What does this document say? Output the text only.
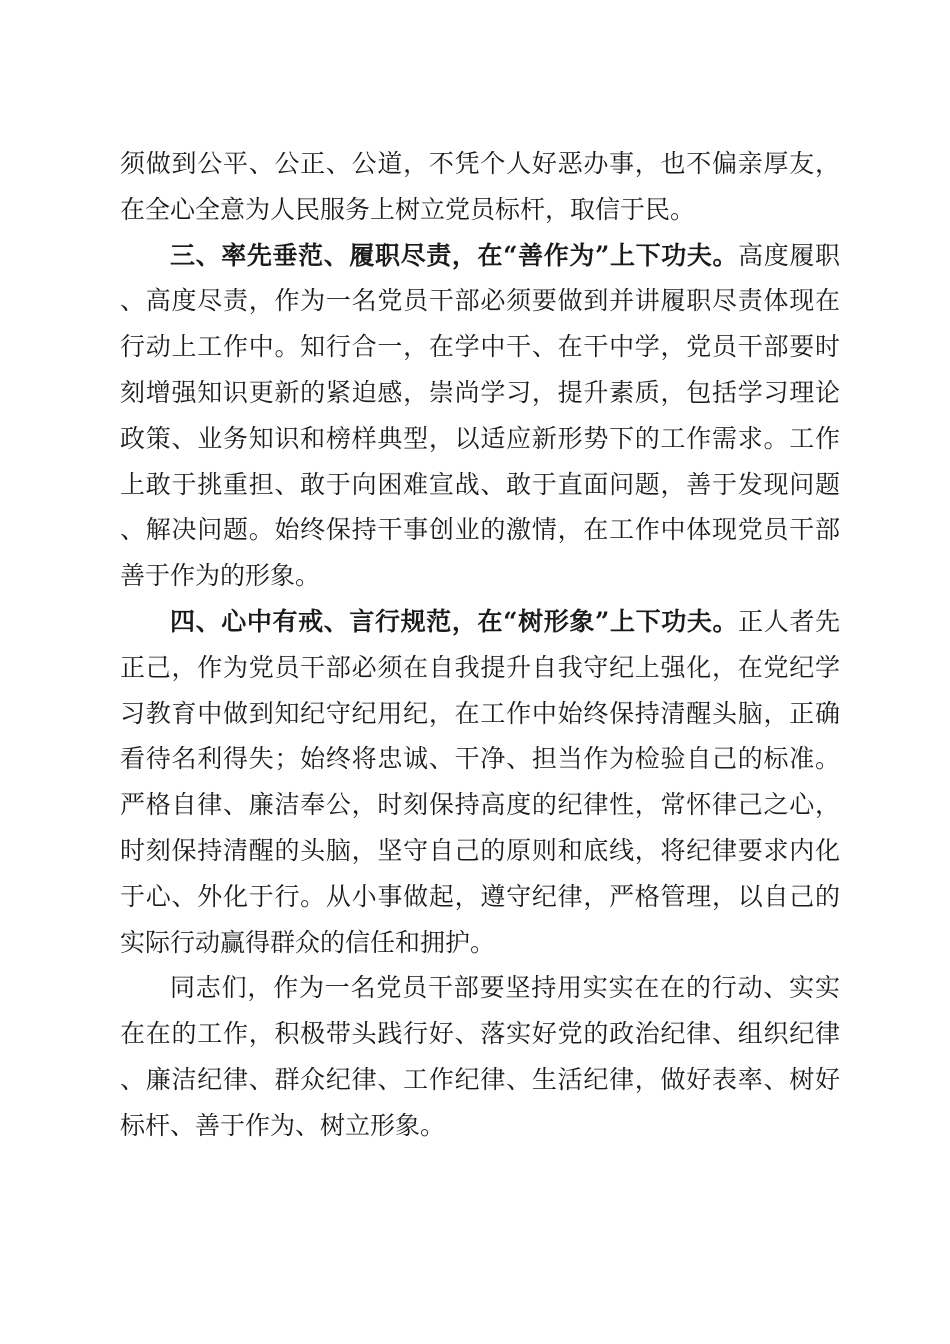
须做到公平、公正、公道，不凭个人好恶办事，也不偏亲厚友，在全心全意为人民服务上树立党员标杆，取信于民。

三、率先垂范、履职尽责，在“善作为”上下功夫。高度履职、高度尽责，作为一名党员干部必须要做到并讲履职尽责体现在行动上工作中。知行合一，在学中干、在干中学，党员干部要时刻增强知识更新的紧迫感，崇尚学习，提升素质，包括学习理论政策、业务知识和榜样典型，以适应新形势下的工作需求。工作上敢于挑重担、敢于向困难宣战、敢于直面问题，善于发现问题、解决问题。始终保持干事创业的激情，在工作中体现党员干部善于作为的形象。

四、心中有戒、言行规范，在“树形象”上下功夫。正人者先正己，作为党员干部必须在自我提升自我守纪上强化，在党纪学习教育中做到知纪守纪用纪，在工作中始终保持清醒头脑，正确看待名利得失；始终将忠诚、干净、担当作为检验自己的标准。严格自律、廉洁奉公，时刻保持高度的纪律性，常怀律己之心，时刻保持清醒的头脑，坚守自己的原则和底线，将纪律要求内化于心、外化于行。从小事做起，遵守纪律，严格管理，以自己的实际行动赢得群众的信任和拥护。

同志们，作为一名党员干部要坚持用实实在在的行动、实实在在的工作，积极带头践行好、落实好党的政治纪律、组织纪律、廉洁纪律、群众纪律、工作纪律、生活纪律，做好表率、树好标杆、善于作为、树立形象。
